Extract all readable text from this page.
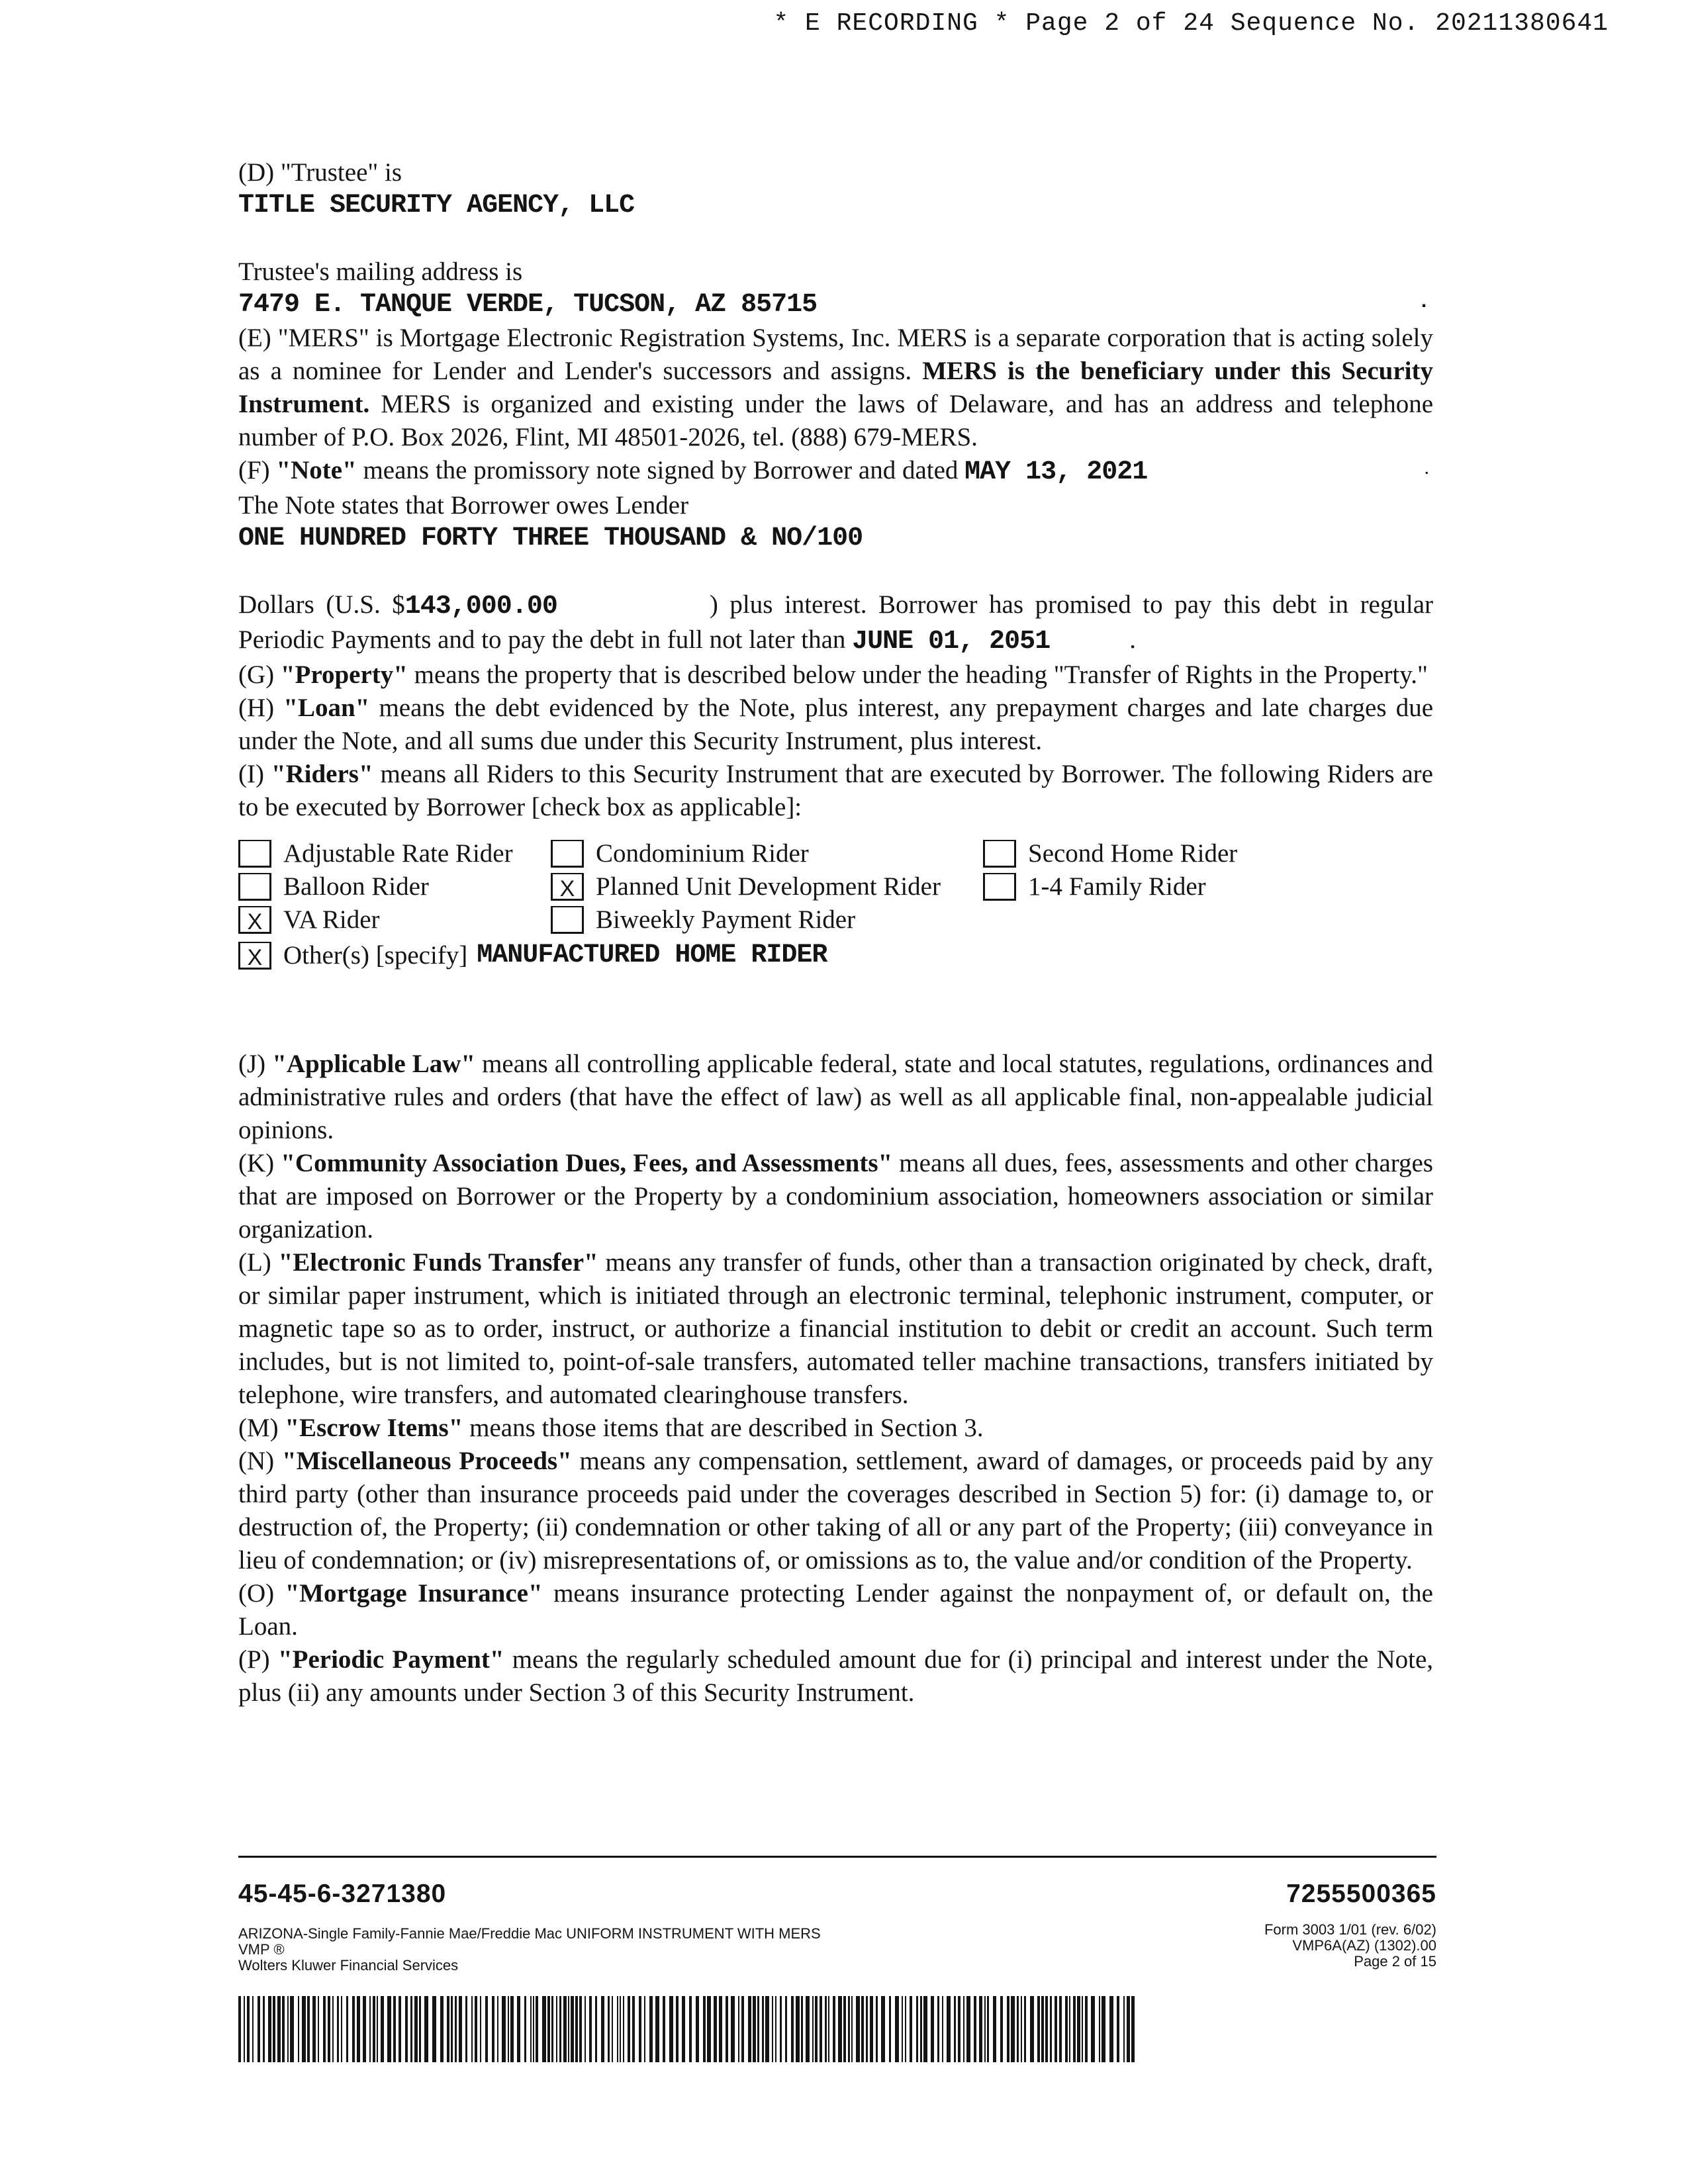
* E RECORDING * Page 2 of 24 Sequence No. 20211380641

(D) "Trustee" is

TITLE SECURITY AGENCY, LLC

Trustee's mailing address is

7479 E. TANQUE VERDE, TUCSON, AZ 85715	.

(E) "MERS" is Mortgage Electronic Registration Systems, Inc. MERS is a separate corporation that is acting solely as a nominee for Lender and Lender's successors and assigns. MERS is the beneficiary under this Security Instrument. MERS is organized and existing under the laws of Delaware, and has an address and telephone number of P.O. Box 2026, Flint, MI 48501-2026, tel. (888) 679-MERS.

(F) "Note" means the promissory note signed by Borrower and dated MAY 13, 2021	.

The Note states that Borrower owes Lender

ONE HUNDRED FORTY THREE THOUSAND & NO/100

Dollars (U.S. $143,000.00	) plus interest. Borrower has promised to pay this debt in regular Periodic Payments and to pay the debt in full not later than JUNE 01, 2051	.

(G) "Property" means the property that is described below under the heading "Transfer of Rights in the Property."

(H) "Loan" means the debt evidenced by the Note, plus interest, any prepayment charges and late charges due under the Note, and all sums due under this Security Instrument, plus interest.

(I) "Riders" means all Riders to this Security Instrument that are executed by Borrower. The following Riders are to be executed by Borrower [check box as applicable]:

Adjustable Rate Rider	Condominium Rider	Second Home Rider
Balloon Rider	X Planned Unit Development Rider	1-4 Family Rider
X VA Rider	Biweekly Payment Rider
X Other(s) [specify] MANUFACTURED HOME RIDER

(J) "Applicable Law" means all controlling applicable federal, state and local statutes, regulations, ordinances and administrative rules and orders (that have the effect of law) as well as all applicable final, non-appealable judicial opinions.

(K) "Community Association Dues, Fees, and Assessments" means all dues, fees, assessments and other charges that are imposed on Borrower or the Property by a condominium association, homeowners association or similar organization.

(L) "Electronic Funds Transfer" means any transfer of funds, other than a transaction originated by check, draft, or similar paper instrument, which is initiated through an electronic terminal, telephonic instrument, computer, or magnetic tape so as to order, instruct, or authorize a financial institution to debit or credit an account. Such term includes, but is not limited to, point-of-sale transfers, automated teller machine transactions, transfers initiated by telephone, wire transfers, and automated clearinghouse transfers.

(M) "Escrow Items" means those items that are described in Section 3.

(N) "Miscellaneous Proceeds" means any compensation, settlement, award of damages, or proceeds paid by any third party (other than insurance proceeds paid under the coverages described in Section 5) for: (i) damage to, or destruction of, the Property; (ii) condemnation or other taking of all or any part of the Property; (iii) conveyance in lieu of condemnation; or (iv) misrepresentations of, or omissions as to, the value and/or condition of the Property.

(O) "Mortgage Insurance" means insurance protecting Lender against the nonpayment of, or default on, the Loan.

(P) "Periodic Payment" means the regularly scheduled amount due for (i) principal and interest under the Note, plus (ii) any amounts under Section 3 of this Security Instrument.

45-45-6-3271380	7255500365
ARIZONA-Single Family-Fannie Mae/Freddie Mac UNIFORM INSTRUMENT WITH MERS
VMP ®
Wolters Kluwer Financial Services
Form 3003 1/01 (rev. 6/02)
VMP6A(AZ) (1302).00
Page 2 of 15
